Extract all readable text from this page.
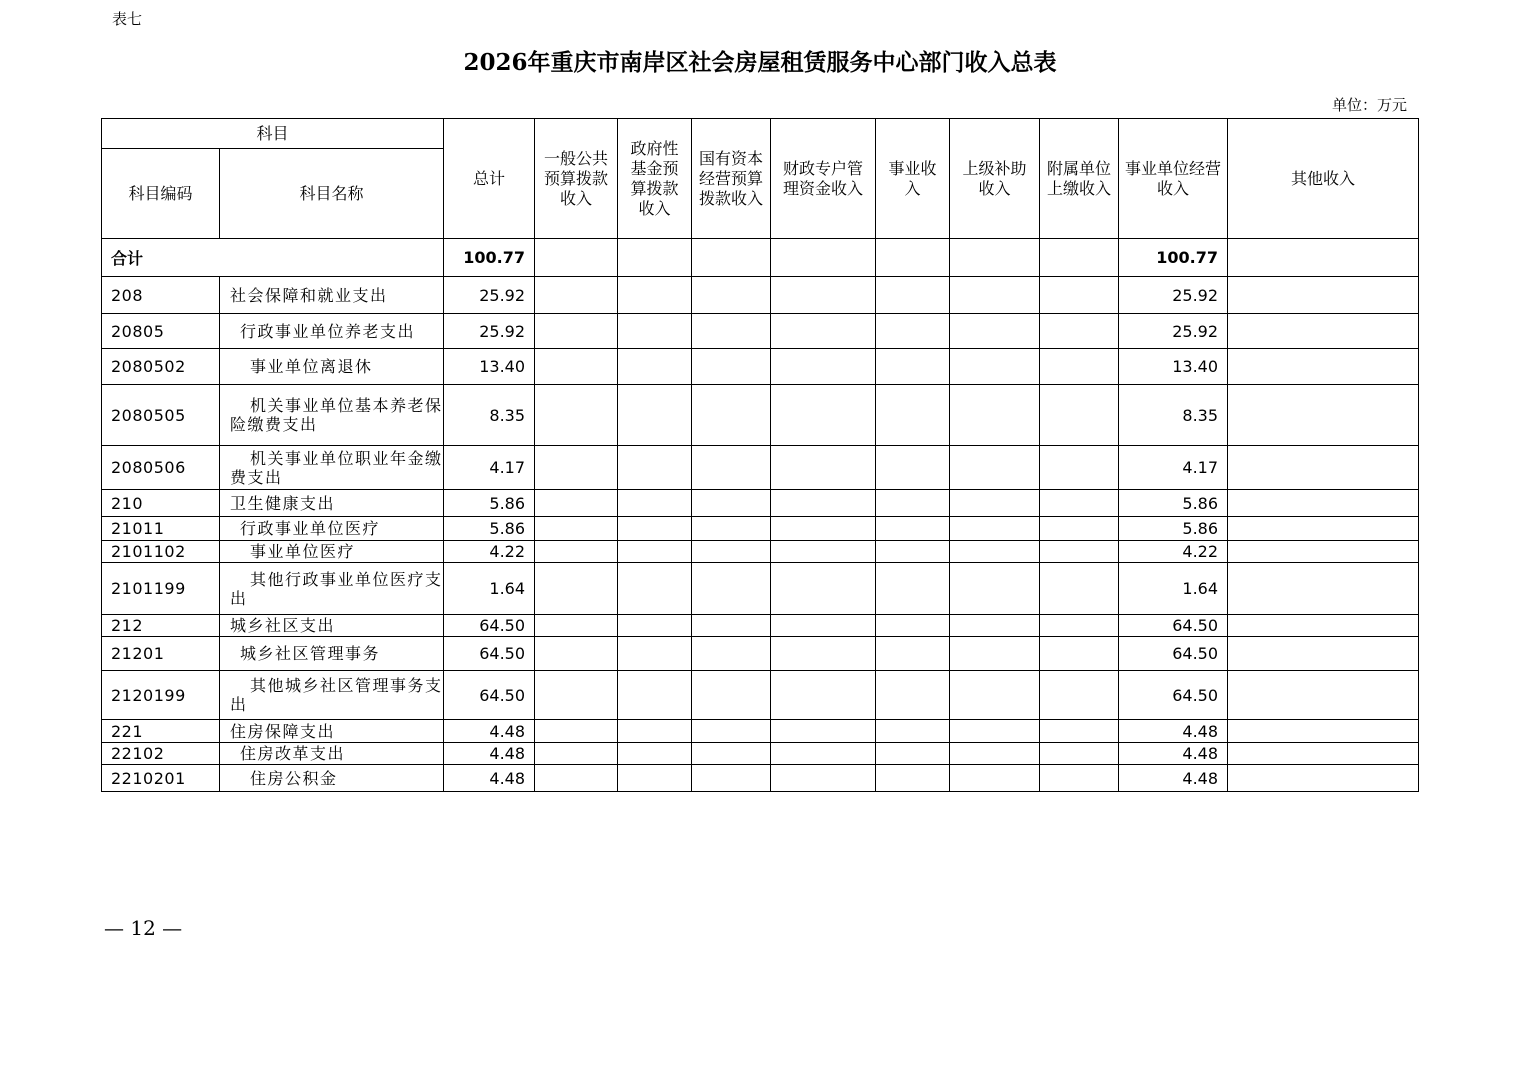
表七
2026年重庆市南岸区社会房屋租赁服务中心部门收入总表
单位：万元
科目		总计	一般公共预算拨款收入	政府性基金预算拨款收入	国有资本经营预算拨款收入	财政专户管理资金收入	事业收入	上级补助收入	附属单位上缴收入	事业单位经营收入	其他收入
科目编码	科目名称										
合计		100.77								100.77	
208	社会保障和就业支出	25.92								25.92	
20805	行政事业单位养老支出	25.92								25.92	
2080502	事业单位离退休	13.40								13.40	
2080505	机关事业单位基本养老保险缴费支出	8.35								8.35	
2080506	机关事业单位职业年金缴费支出	4.17								4.17	
210	卫生健康支出	5.86								5.86	
21011	行政事业单位医疗	5.86								5.86	
2101102	事业单位医疗	4.22								4.22	
2101199	其他行政事业单位医疗支出	1.64								1.64	
212	城乡社区支出	64.50								64.50	
21201	城乡社区管理事务	64.50								64.50	
2120199	其他城乡社区管理事务支出	64.50								64.50	
221	住房保障支出	4.48								4.48	
22102	住房改革支出	4.48								4.48	
2210201	住房公积金	4.48								4.48	
— 12 —
